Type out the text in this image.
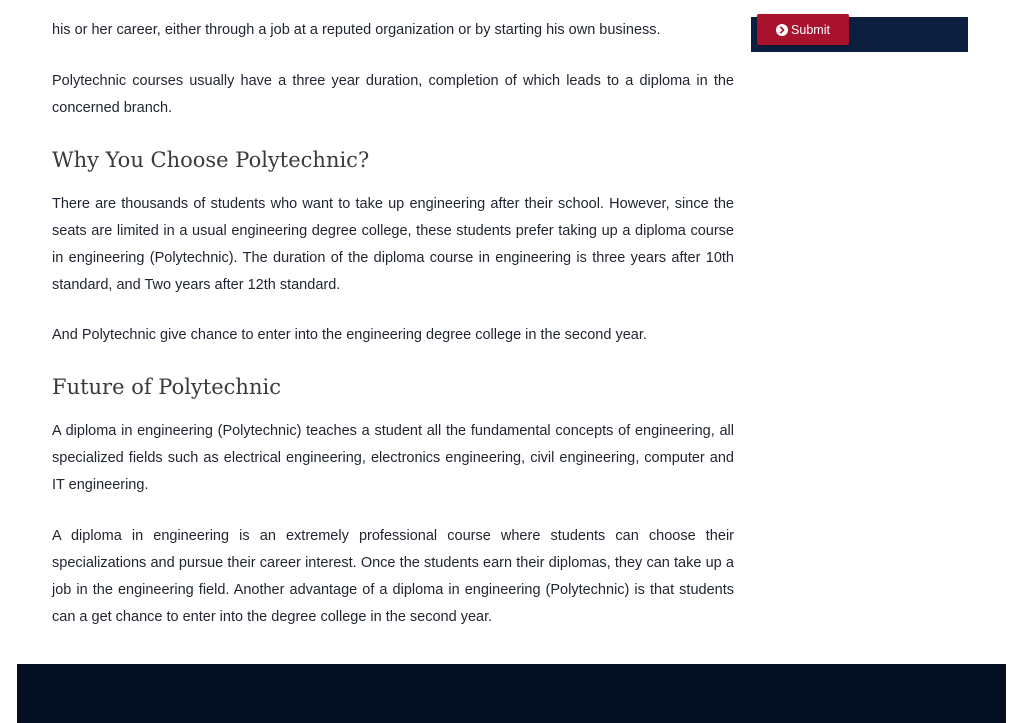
his or her career, either through a job at a reputed organization or by starting his own business.

Polytechnic courses usually have a three year duration, completion of which leads to a diploma in the concerned branch.

Why You Choose Polytechnic?

There are thousands of students who want to take up engineering after their school. However, since the seats are limited in a usual engineering degree college, these students prefer taking up a diploma course in engineering (Polytechnic). The duration of the diploma course in engineering is three years after 10th standard, and Two years after 12th standard.

And Polytechnic give chance to enter into the engineering degree college in the second year.

Future of Polytechnic

A diploma in engineering (Polytechnic) teaches a student all the fundamental concepts of engineering, all specialized fields such as electrical engineering, electronics engineering, civil engineering, computer and IT engineering.

A diploma in engineering is an extremely professional course where students can choose their specializations and pursue their career interest. Once the students earn their diplomas, they can take up a job in the engineering field. Another advantage of a diploma in engineering (Polytechnic) is that students can a get chance to enter into the degree college in the second year.

Submit
